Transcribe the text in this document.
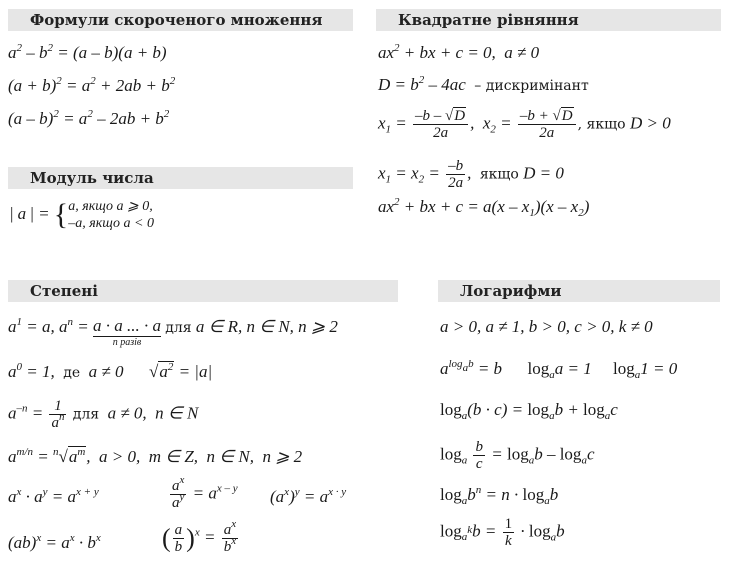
Формули скороченого множення	Квадратне рівняння
Модуль числа
Степені	Логарифми
$a^2 - b^2 = (a - b)(a + b)$
$(a + b)^2 = a^2 + 2ab + b^2$
$(a - b)^2 = a^2 - 2ab + b^2$
$ax^2$ + bx + c = 0,  a ≠ 0
$D = b^2 - 4ac$  – дискримінант
$x_1 = \frac{-b - √D}{2a}$ ,  $x_2 = \frac{-b + √D}{2a}$ , якщо D > 0
$x_1 = x_2 = \frac{-b}{2a}$ ,  якщо D = 0
$ax^2$ + bx + $c = a(x - x_1)(x - x_2)$
| a | = { a, якщо a ⩾ 0,
–a, якщо a < 0
$a^1 = a$, $a^n = a \cdot a$ ... · a
n разів
для a ∈ R, n ∈ N, n ⩾ 2
$a^0 = 1$,  де  a ≠ 0      $√a^2 = |a|$
$a^{-n} = \frac{1}{a^n}$ для  a ≠ 0,  n ∈ N
$a^{m/n} = ^n√a^m$,  a > 0,  m ∈ Z,  n ∈ N,  n ⩾ 2
$a^x \cdot a^y = a^{x + y}$	$\frac{a^x}{a^y} = a^{x - y}$ $(a^x)^y = a^{x \cdot y}$
$(ab)^x = a^x \cdot b^x$ ( $\frac{a}{b} )^x = \frac{a^x}{b^x}$
a > 0, a ≠ 1, b > 0, c > 0, k ≠ 0
$a^{log_ab} = b$      $\log_aa = 1$     $\log_a1 = 0$
$\log_a(b \cdot c) = \log_ab + \log_ac$
$\log_a \frac{b}{c} = \log_ab - \log_ac$
$\log_ab^n = n \cdot \log_ab$
$\log_{a^k}b = \frac{1}{k} \cdot \log_ab$
